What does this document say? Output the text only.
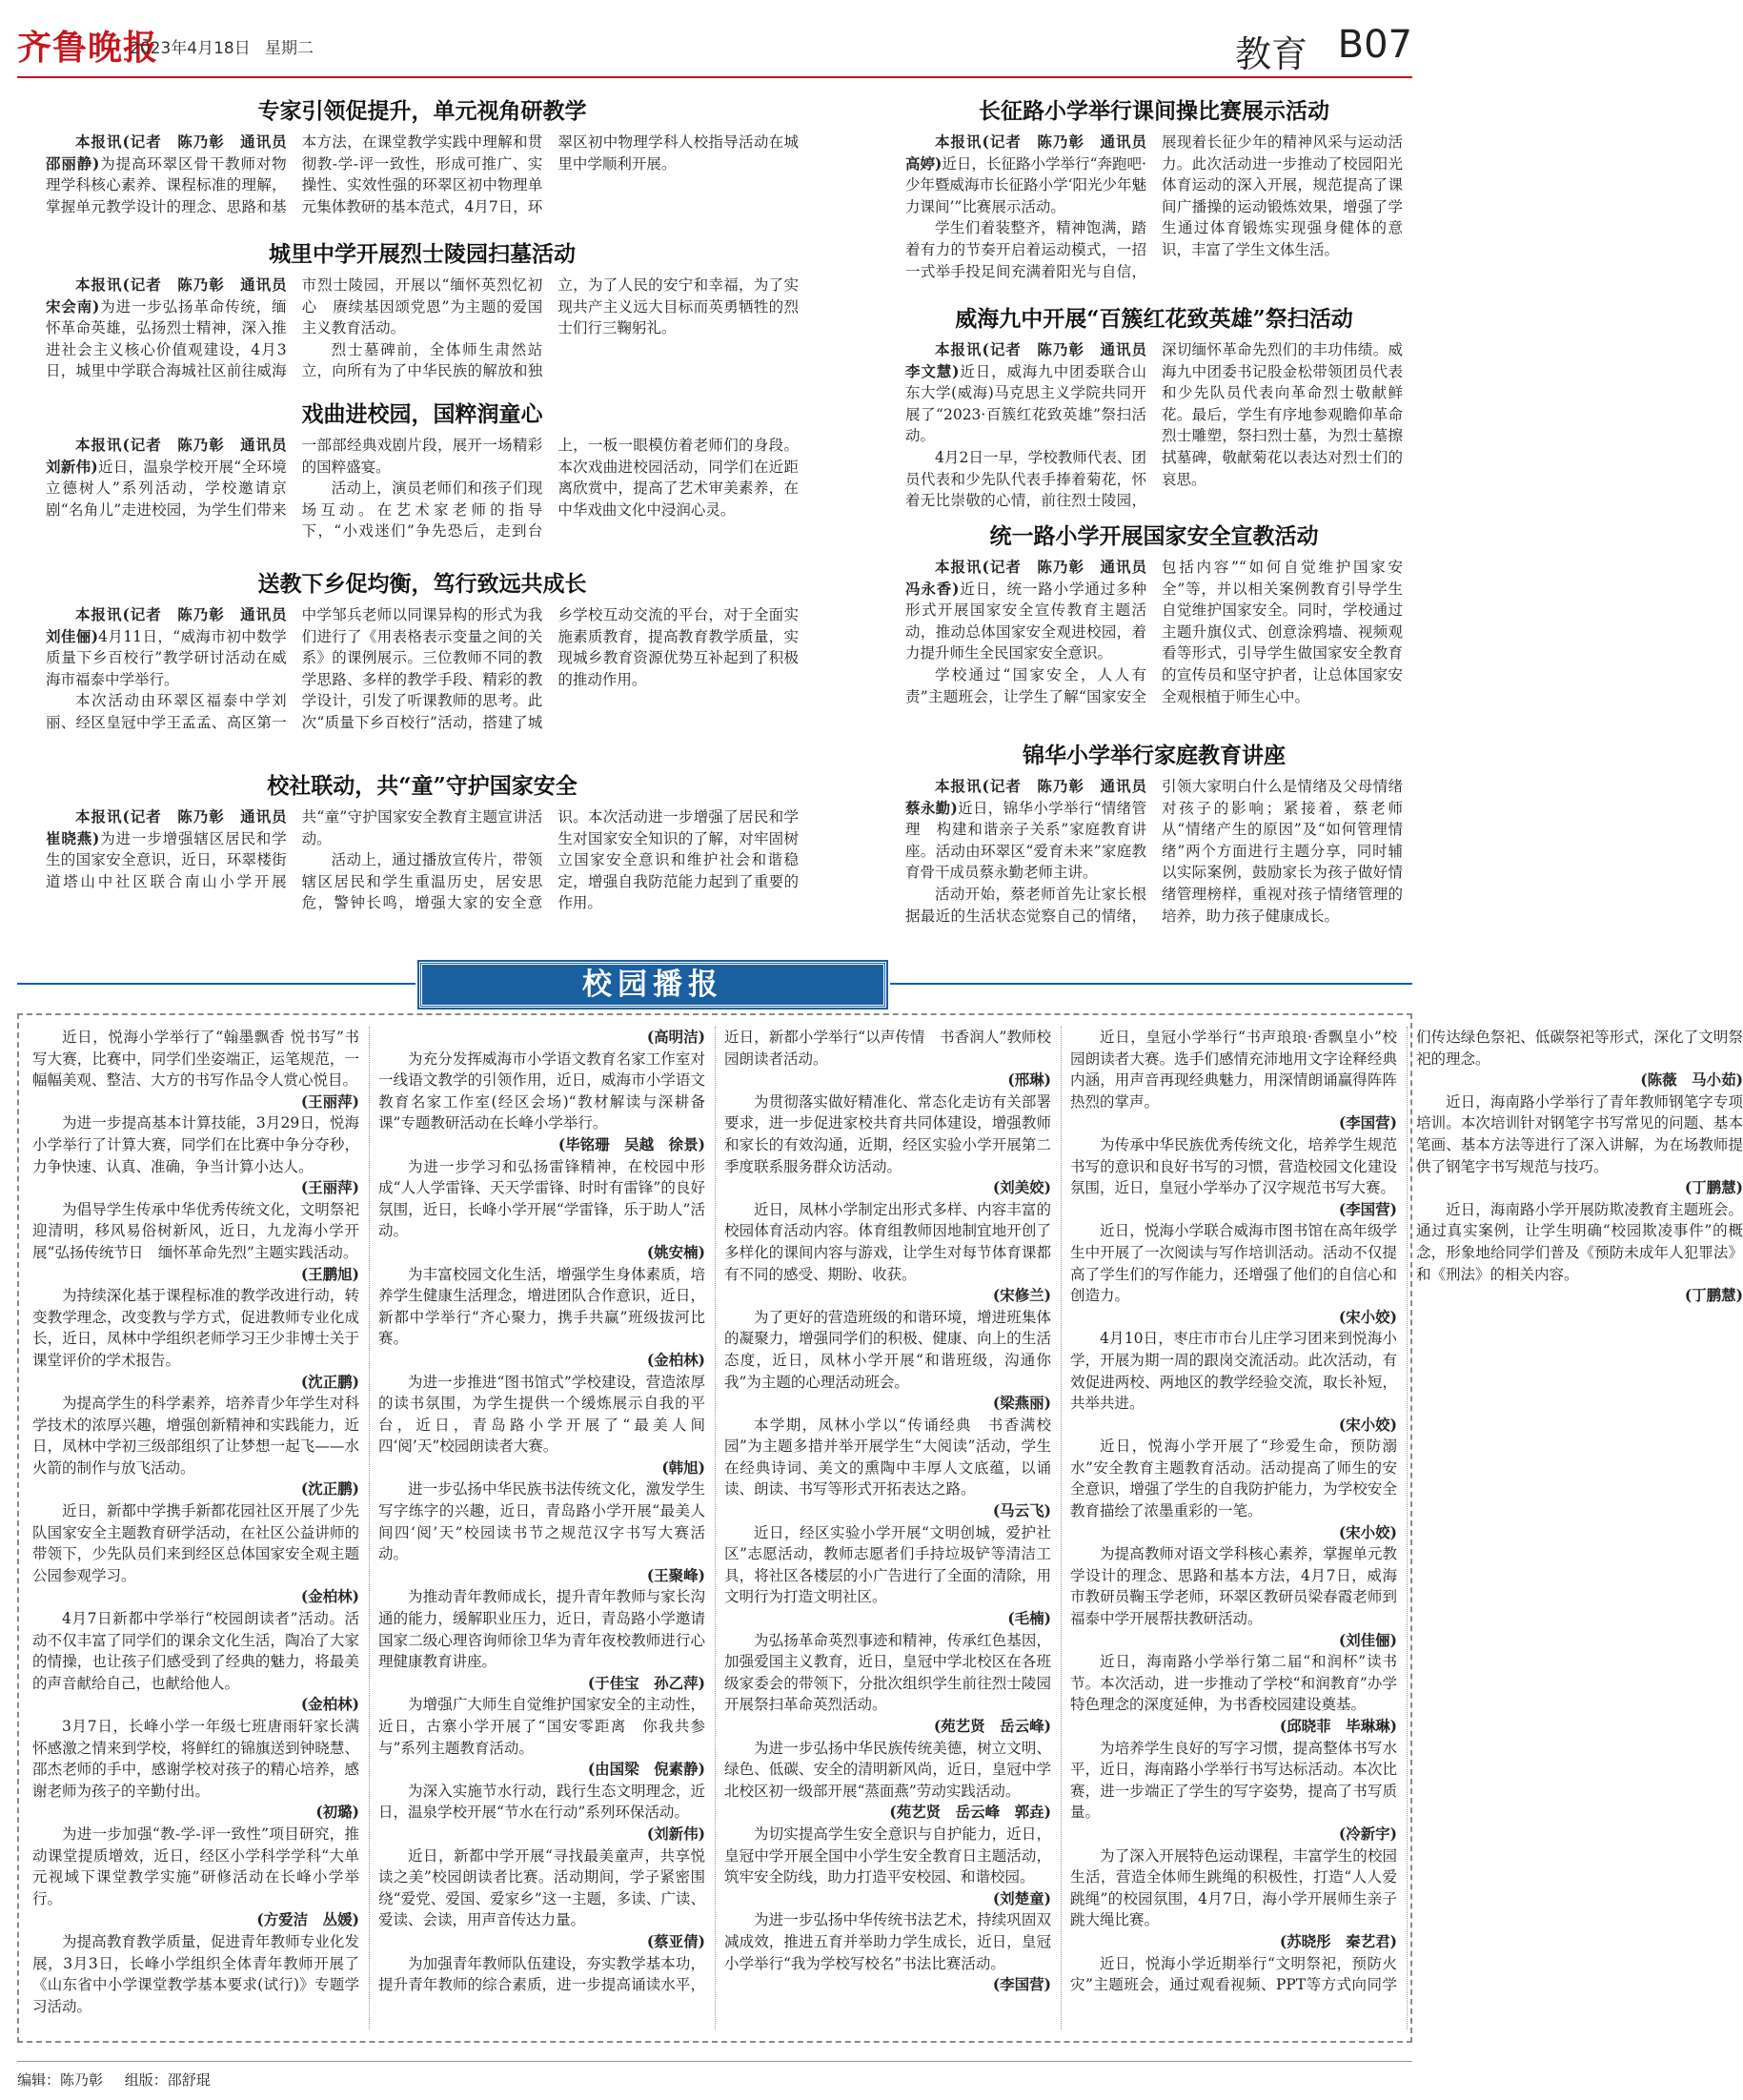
齐鲁晚报
2023年4月18日 星期二	教育 B07
专家引领促提升，单元视角研教学

本报讯(记者　陈乃彰　通讯员　邵丽静)为提高环翠区骨干教师对物理学科核心素养、课程标准的理解，掌握单元教学设计的理念、思路和基本方法，在课堂教学实践中理解和贯彻教-学-评一致性，形成可推广、实操性、实效性强的环翠区初中物理单元集体教研的基本范式，4月7日，环翠区初中物理学科人校指导活动在城里中学顺利开展。

城里中学开展烈士陵园扫墓活动

本报讯(记者　陈乃彰　通讯员　宋会南)为进一步弘扬革命传统，缅怀革命英雄，弘扬烈士精神，深入推进社会主义核心价值观建设，4月3日，城里中学联合海城社区前往威海市烈士陵园，开展以“缅怀英烈忆初心　赓续基因颂党恩”为主题的爱国主义教育活动。

烈士墓碑前，全体师生肃然站立，向所有为了中华民族的解放和独立，为了人民的安宁和幸福，为了实现共产主义远大目标而英勇牺牲的烈士们行三鞠躬礼。

戏曲进校园，国粹润童心

本报讯(记者　陈乃彰　通讯员　刘新伟)近日，温泉学校开展“全环境立德树人”系列活动，学校邀请京剧“名角儿”走进校园，为学生们带来一部部经典戏剧片段，展开一场精彩的国粹盛宴。

活动上，演员老师们和孩子们现场互动。在艺术家老师的指导下，“小戏迷们”争先恐后，走到台上，一板一眼模仿着老师们的身段。本次戏曲进校园活动，同学们在近距离欣赏中，提高了艺术审美素养，在中华戏曲文化中浸润心灵。

送教下乡促均衡，笃行致远共成长

本报讯(记者　陈乃彰　通讯员　刘佳俪)4月11日，“威海市初中数学质量下乡百校行”教学研讨活动在威海市福泰中学举行。

本次活动由环翠区福泰中学刘丽、经区皇冠中学王孟孟、高区第一中学邹兵老师以同课异构的形式为我们进行了《用表格表示变量之间的关系》的课例展示。三位教师不同的教学思路、多样的教学手段、精彩的教学设计，引发了听课教师的思考。此次“质量下乡百校行”活动，搭建了城乡学校互动交流的平台，对于全面实施素质教育，提高教育教学质量，实现城乡教育资源优势互补起到了积极的推动作用。

校社联动，共“童”守护国家安全

本报讯(记者　陈乃彰　通讯员　崔晓燕)为进一步增强辖区居民和学生的国家安全意识，近日，环翠楼街道塔山中社区联合南山小学开展共“童”守护国家安全教育主题宣讲活动。

活动上，通过播放宣传片，带领辖区居民和学生重温历史，居安思危，警钟长鸣，增强大家的安全意识。本次活动进一步增强了居民和学生对国家安全知识的了解，对牢固树立国家安全意识和维护社会和谐稳定，增强自我防范能力起到了重要的作用。

长征路小学举行课间操比赛展示活动

本报讯(记者　陈乃彰　通讯员　高婷)近日，长征路小学举行“奔跑吧·少年暨威海市长征路小学‘阳光少年魅力课间’”比赛展示活动。

学生们着装整齐，精神饱满，踏着有力的节奏开启着运动模式，一招一式举手投足间充满着阳光与自信，展现着长征少年的精神风采与运动活力。此次活动进一步推动了校园阳光体育运动的深入开展，规范提高了课间广播操的运动锻炼效果，增强了学生通过体育锻炼实现强身健体的意识，丰富了学生文体生活。

威海九中开展“百簇红花致英雄”祭扫活动

本报讯(记者　陈乃彰　通讯员　李文慧)近日，威海九中团委联合山东大学(威海)马克思主义学院共同开展了“2023·百簇红花致英雄”祭扫活动。

4月2日一早，学校教师代表、团员代表和少先队代表手捧着菊花，怀着无比崇敬的心情，前往烈士陵园，深切缅怀革命先烈们的丰功伟绩。威海九中团委书记股金松带领团员代表和少先队员代表向革命烈士敬献鲜花。最后，学生有序地参观瞻仰革命烈士雕塑，祭扫烈士墓，为烈士墓擦拭墓碑，敬献菊花以表达对烈士们的哀思。

统一路小学开展国家安全宣教活动

本报讯(记者　陈乃彰　通讯员　冯永香)近日，统一路小学通过多种形式开展国家安全宣传教育主题活动，推动总体国家安全观进校园，着力提升师生全民国家安全意识。

学校通过“国家安全，人人有责”主题班会，让学生了解“国家安全包括内容”“如何自觉维护国家安全”等，并以相关案例教育引导学生自觉维护国家安全。同时，学校通过主题升旗仪式、创意涂鸦墙、视频观看等形式，引导学生做国家安全教育的宣传员和坚守护者，让总体国家安全观根植于师生心中。

锦华小学举行家庭教育讲座

本报讯(记者　陈乃彰　通讯员　蔡永勤)近日，锦华小学举行“情绪管理　构建和谐亲子关系”家庭教育讲座。活动由环翠区“爱育未来”家庭教育骨干成员蔡永勤老师主讲。

活动开始，蔡老师首先让家长根据最近的生活状态觉察自己的情绪，引领大家明白什么是情绪及父母情绪对孩子的影响；紧接着，蔡老师从“情绪产生的原因”及“如何管理情绪”两个方面进行主题分享，同时辅以实际案例，鼓励家长为孩子做好情绪管理榜样，重视对孩子情绪管理的培养，助力孩子健康成长。

校园播报
近日，悦海小学举行了“翰墨飘香 悦书写”书写大赛，比赛中，同学们坐姿端正，运笔规范，一幅幅美观、整洁、大方的书写作品令人赏心悦目。
(王丽萍)
为进一步提高基本计算技能，3月29日，悦海小学举行了计算大赛，同学们在比赛中争分夺秒，力争快速、认真、准确，争当计算小达人。
(王丽萍)
为倡导学生传承中华优秀传统文化，文明祭祀迎清明，移风易俗树新风，近日，九龙海小学开展“弘扬传统节日　缅怀革命先烈”主题实践活动。
(王鹏旭)
为持续深化基于课程标准的教学改进行动，转变教学理念，改变教与学方式，促进教师专业化成长，近日，凤林中学组织老师学习王少非博士关于课堂评价的学术报告。
(沈正鹏)
为提高学生的科学素养，培养青少年学生对科学技术的浓厚兴趣，增强创新精神和实践能力，近日，凤林中学初三级部组织了让梦想一起飞——水火箭的制作与放飞活动。
(沈正鹏)
近日，新都中学携手新都花园社区开展了少先队国家安全主题教育研学活动，在社区公益讲师的带领下，少先队员们来到经区总体国家安全观主题公园参观学习。
(金柏林)
4月7日新都中学举行“校园朗读者”活动。活动不仅丰富了同学们的课余文化生活，陶冶了大家的情操，也让孩子们感受到了经典的魅力，将最美的声音献给自己，也献给他人。
(金柏林)
3月7日，长峰小学一年级七班唐雨轩家长满怀感激之情来到学校，将鲜红的锦旗送到钟晓慧、邵杰老师的手中，感谢学校对孩子的精心培养，感谢老师为孩子的辛勤付出。
(初璐)
为进一步加强“教-学-评一致性”项目研究，推动课堂提质增效，近日，经区小学科学学科“大单元视域下课堂教学实施”研修活动在长峰小学举行。
(方爱洁　丛媛)
为提高教育教学质量，促进青年教师专业化发展，3月3日，长峰小学组织全体青年教师开展了《山东省中小学课堂教学基本要求(试行)》专题学习活动。
(高明洁)
为充分发挥威海市小学语文教育名家工作室对一线语文教学的引领作用，近日，威海市小学语文教育名家工作室(经区会场)“教材解读与深耕备课”专题教研活动在长峰小学举行。
(毕铭珊　吴越　徐景)
为进一步学习和弘扬雷锋精神，在校园中形成“人人学雷锋、天天学雷锋、时时有雷锋”的良好氛围，近日，长峰小学开展“学雷锋，乐于助人”活动。
(姚安楠)
为丰富校园文化生活，增强学生身体素质，培养学生健康生活理念，增进团队合作意识，近日，新都中学举行“齐心聚力，携手共赢”班级拔河比赛。
(金柏林)
为进一步推进“图书馆式”学校建设，营造浓厚的读书氛围，为学生提供一个缓炼展示自我的平台，近日，青岛路小学开展了“最美人间四‘阅’天”校园朗读者大赛。
(韩旭)
进一步弘扬中华民族书法传统文化，激发学生写字练字的兴趣，近日，青岛路小学开展“最美人间四‘阅’天”校园读书节之规范汉字书写大赛活动。
(王聚峰)
为推动青年教师成长，提升青年教师与家长沟通的能力，缓解职业压力，近日，青岛路小学邀请国家二级心理咨询师徐卫华为青年夜校教师进行心理健康教育讲座。
(于佳宝　孙乙萍)
为增强广大师生自觉维护国家安全的主动性，近日，古寨小学开展了“国安零距离　你我共参与”系列主题教育活动。
(由国梁　倪素静)
为深入实施节水行动，践行生态文明理念，近日，温泉学校开展“节水在行动”系列环保活动。
(刘新伟)
近日，新都中学开展“寻找最美童声，共享悦读之美”校园朗读者比赛。活动期间，学子紧密围绕“爱党、爱国、爱家乡”这一主题，多读、广读、爱读、会读，用声音传达力量。
(蔡亚倩)
为加强青年教师队伍建设，夯实教学基本功，提升青年教师的综合素质，进一步提高诵读水平，近日，新都小学举行“以声传情　书香润人”教师校园朗读者活动。
(邢琳)
为贯彻落实做好精准化、常态化走访有关部署要求，进一步促进家校共育共同体建设，增强教师和家长的有效沟通，近期，经区实验小学开展第二季度联系服务群众访活动。
(刘美姣)
近日，凤林小学制定出形式多样、内容丰富的校园体育活动内容。体育组教师因地制宜地开创了多样化的课间内容与游戏，让学生对每节体育课都有不同的感受、期盼、收获。
(宋修兰)
为了更好的营造班级的和谐环境，增进班集体的凝聚力，增强同学们的积极、健康、向上的生活态度，近日，凤林小学开展“和谐班级，沟通你我”为主题的心理活动班会。
(梁燕丽)
本学期，凤林小学以“传诵经典　书香满校园”为主题多措并举开展学生“大阅读”活动，学生在经典诗词、美文的熏陶中丰厚人文底蕴，以诵读、朗读、书写等形式开拓表达之路。
(马云飞)
近日，经区实验小学开展“文明创城，爱护社区”志愿活动，教师志愿者们手持垃圾铲等清洁工具，将社区各楼层的小广告进行了全面的清除，用文明行为打造文明社区。
(毛楠)
为弘扬革命英烈事迹和精神，传承红色基因，加强爱国主义教育，近日，皇冠中学北校区在各班级家委会的带领下，分批次组织学生前往烈士陵园开展祭扫革命英烈活动。
(苑艺贤　岳云峰)
为进一步弘扬中华民族传统美德，树立文明、绿色、低碳、安全的清明新风尚，近日，皇冠中学北校区初一级部开展“蒸面燕”劳动实践活动。
(苑艺贤　岳云峰　郭垚)
为切实提高学生安全意识与自护能力，近日，皇冠中学开展全国中小学生安全教育日主题活动，筑牢安全防线，助力打造平安校园、和谐校园。
(刘楚童)
为进一步弘扬中华传统书法艺术，持续巩固双减成效，推进五育并举助力学生成长，近日，皇冠小学举行“我为学校写校名”书法比赛活动。
(李国营)
近日，皇冠小学举行“书声琅琅·香飘皇小”校园朗读者大赛。选手们感情充沛地用文字诠释经典内涵，用声音再现经典魅力，用深情朗诵赢得阵阵热烈的掌声。
(李国营)
为传承中华民族优秀传统文化，培养学生规范书写的意识和良好书写的习惯，营造校园文化建设氛围，近日，皇冠小学举办了汉字规范书写大赛。
(李国营)
近日，悦海小学联合威海市图书馆在高年级学生中开展了一次阅读与写作培训活动。活动不仅提高了学生们的写作能力，还增强了他们的自信心和创造力。
(宋小姣)
4月10日，枣庄市市台儿庄学习团来到悦海小学，开展为期一周的跟岗交流活动。此次活动，有效促进两校、两地区的教学经验交流，取长补短，共举共进。
(宋小姣)
近日，悦海小学开展了“珍爱生命，预防溺水”安全教育主题教育活动。活动提高了师生的安全意识，增强了学生的自我防护能力，为学校安全教育描绘了浓墨重彩的一笔。
(宋小姣)
为提高教师对语文学科核心素养，掌握单元教学设计的理念、思路和基本方法，4月7日，威海市教研员鞠玉学老师，环翠区教研员梁春霞老师到福泰中学开展帮扶教研活动。
(刘佳俪)
近日，海南路小学举行第二届“和润杯”读书节。本次活动，进一步推动了学校“和润教育”办学特色理念的深度延伸，为书香校园建设奠基。
(邱晓菲　毕琳琳)
为培养学生良好的写字习惯，提高整体书写水平，近日，海南路小学举行书写达标活动。本次比赛，进一步端正了学生的写字姿势，提高了书写质量。
(冷新宇)
为了深入开展特色运动课程，丰富学生的校园生活，营造全体师生跳绳的积极性，打造“人人爱跳绳”的校园氛围，4月7日，海小学开展师生亲子跳大绳比赛。
(苏晓彤　秦艺君)
近日，悦海小学近期举行“文明祭祀，预防火灾”主题班会，通过观看视频、PPT等方式向同学们传达绿色祭祀、低碳祭祀等形式，深化了文明祭祀的理念。
(陈薇　马小茹)
近日，海南路小学举行了青年教师钢笔字专项培训。本次培训针对钢笔字书写常见的问题、基本笔画、基本方法等进行了深入讲解，为在场教师提供了钢笔字书写规范与技巧。
(丁鹏慧)
近日，海南路小学开展防欺凌教育主题班会。通过真实案例，让学生明确“校园欺凌事件”的概念，形象地给同学们普及《预防未成年人犯罪法》和《刑法》的相关内容。
(丁鹏慧)
编辑：陈乃彰 组版：邵舒琨
